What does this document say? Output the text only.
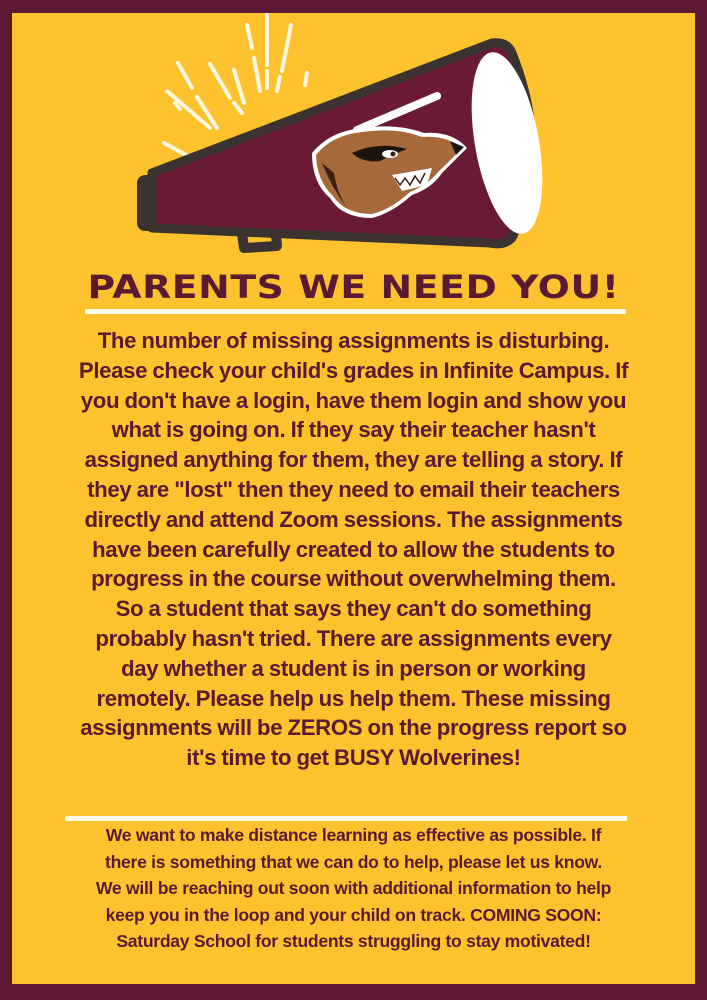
PARENTS WE NEED YOU!
The number of missing assignments is disturbing.
Please check your child's grades in Infinite Campus. If
you don't have a login, have them login and show you
what is going on. If they say their teacher hasn't
assigned anything for them, they are telling a story. If
they are "lost" then they need to email their teachers
directly and attend Zoom sessions. The assignments
have been carefully created to allow the students to
progress in the course without overwhelming them.
So a student that says they can't do something
probably hasn't tried. There are assignments every
day whether a student is in person or working
remotely. Please help us help them. These missing
assignments will be ZEROS on the progress report so
it's time to get BUSY Wolverines!
We want to make distance learning as effective as possible. If
there is something that we can do to help, please let us know.
We will be reaching out soon with additional information to help
keep you in the loop and your child on track. COMING SOON:
Saturday School for students struggling to stay motivated!
